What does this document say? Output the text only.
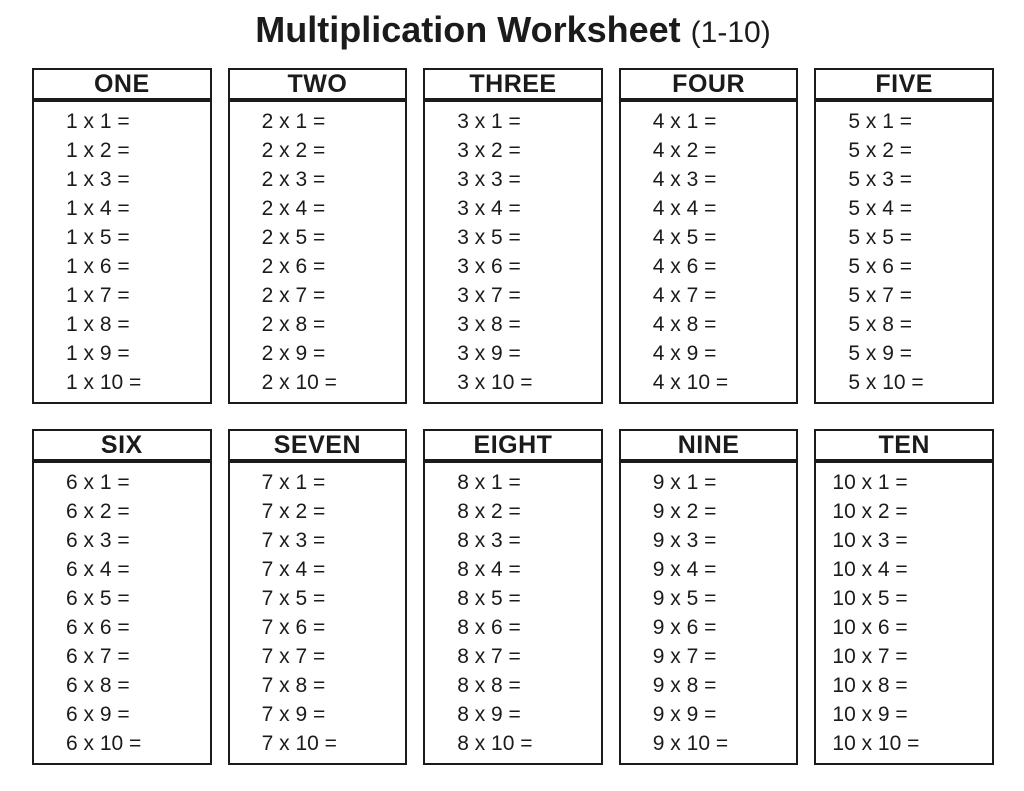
Multiplication Worksheet (1-10)
ONE
1 x 1 =
1 x 2 =
1 x 3 =
1 x 4 =
1 x 5 =
1 x 6 =
1 x 7 =
1 x 8 =
1 x 9 =
1 x 10 =
TWO
2 x 1 =
2 x 2 =
2 x 3 =
2 x 4 =
2 x 5 =
2 x 6 =
2 x 7 =
2 x 8 =
2 x 9 =
2 x 10 =
THREE
3 x 1 =
3 x 2 =
3 x 3 =
3 x 4 =
3 x 5 =
3 x 6 =
3 x 7 =
3 x 8 =
3 x 9 =
3 x 10 =
FOUR
4 x 1 =
4 x 2 =
4 x 3 =
4 x 4 =
4 x 5 =
4 x 6 =
4 x 7 =
4 x 8 =
4 x 9 =
4 x 10 =
FIVE
5 x 1 =
5 x 2 =
5 x 3 =
5 x 4 =
5 x 5 =
5 x 6 =
5 x 7 =
5 x 8 =
5 x 9 =
5 x 10 =
SIX
6 x 1 =
6 x 2 =
6 x 3 =
6 x 4 =
6 x 5 =
6 x 6 =
6 x 7 =
6 x 8 =
6 x 9 =
6 x 10 =
SEVEN
7 x 1 =
7 x 2 =
7 x 3 =
7 x 4 =
7 x 5 =
7 x 6 =
7 x 7 =
7 x 8 =
7 x 9 =
7 x 10 =
EIGHT
8 x 1 =
8 x 2 =
8 x 3 =
8 x 4 =
8 x 5 =
8 x 6 =
8 x 7 =
8 x 8 =
8 x 9 =
8 x 10 =
NINE
9 x 1 =
9 x 2 =
9 x 3 =
9 x 4 =
9 x 5 =
9 x 6 =
9 x 7 =
9 x 8 =
9 x 9 =
9 x 10 =
TEN
10 x 1 =
10 x 2 =
10 x 3 =
10 x 4 =
10 x 5 =
10 x 6 =
10 x 7 =
10 x 8 =
10 x 9 =
10 x 10 =
